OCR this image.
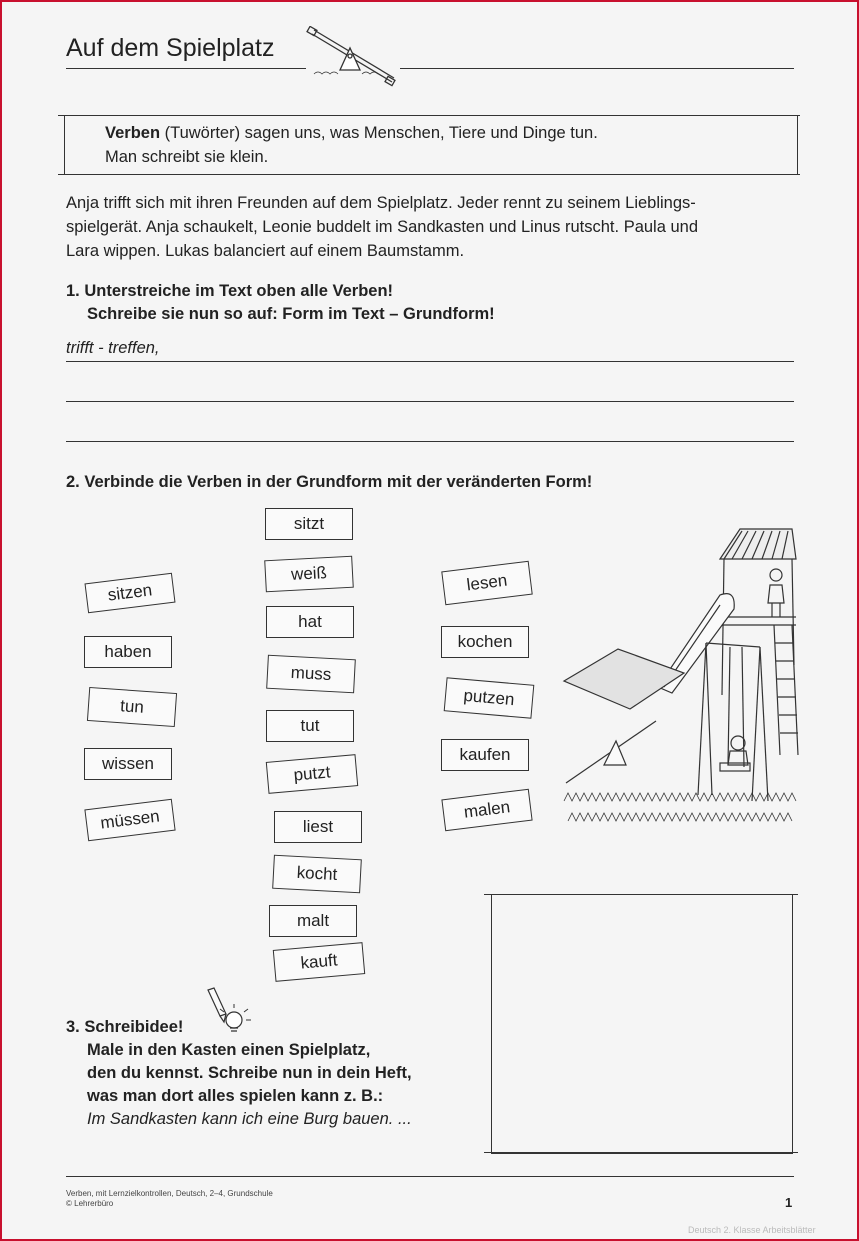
Auf dem Spielplatz
Verben (Tuwörter) sagen uns, was Menschen, Tiere und Dinge tun.
Man schreibt sie klein.
Anja trifft sich mit ihren Freunden auf dem Spielplatz. Jeder rennt zu seinem Lieblings-
spielgerät. Anja schaukelt, Leonie buddelt im Sandkasten und Linus rutscht. Paula und
Lara wippen. Lukas balanciert auf einem Baumstamm.
1. Unterstreiche im Text oben alle Verben!
Schreibe sie nun so auf: Form im Text – Grundform!
trifft - treffen,
2. Verbinde die Verben in der Grundform mit der veränderten Form!
sitzen
haben
tun
wissen
müssen
sitzt
weiß
hat
muss
tut
putzt
liest
kocht
malt
kauft
lesen
kochen
putzen
kaufen
malen
3. Schreibidee!
Male in den Kasten einen Spielplatz,
den du kennst. Schreibe nun in dein Heft,
was man dort alles spielen kann z. B.:
Im Sandkasten kann ich eine Burg bauen. ...
Verben, mit Lernzielkontrollen, Deutsch, 2–4, Grundschule
© Lehrerbüro	1
Deutsch 2. Klasse Arbeitsblätter
